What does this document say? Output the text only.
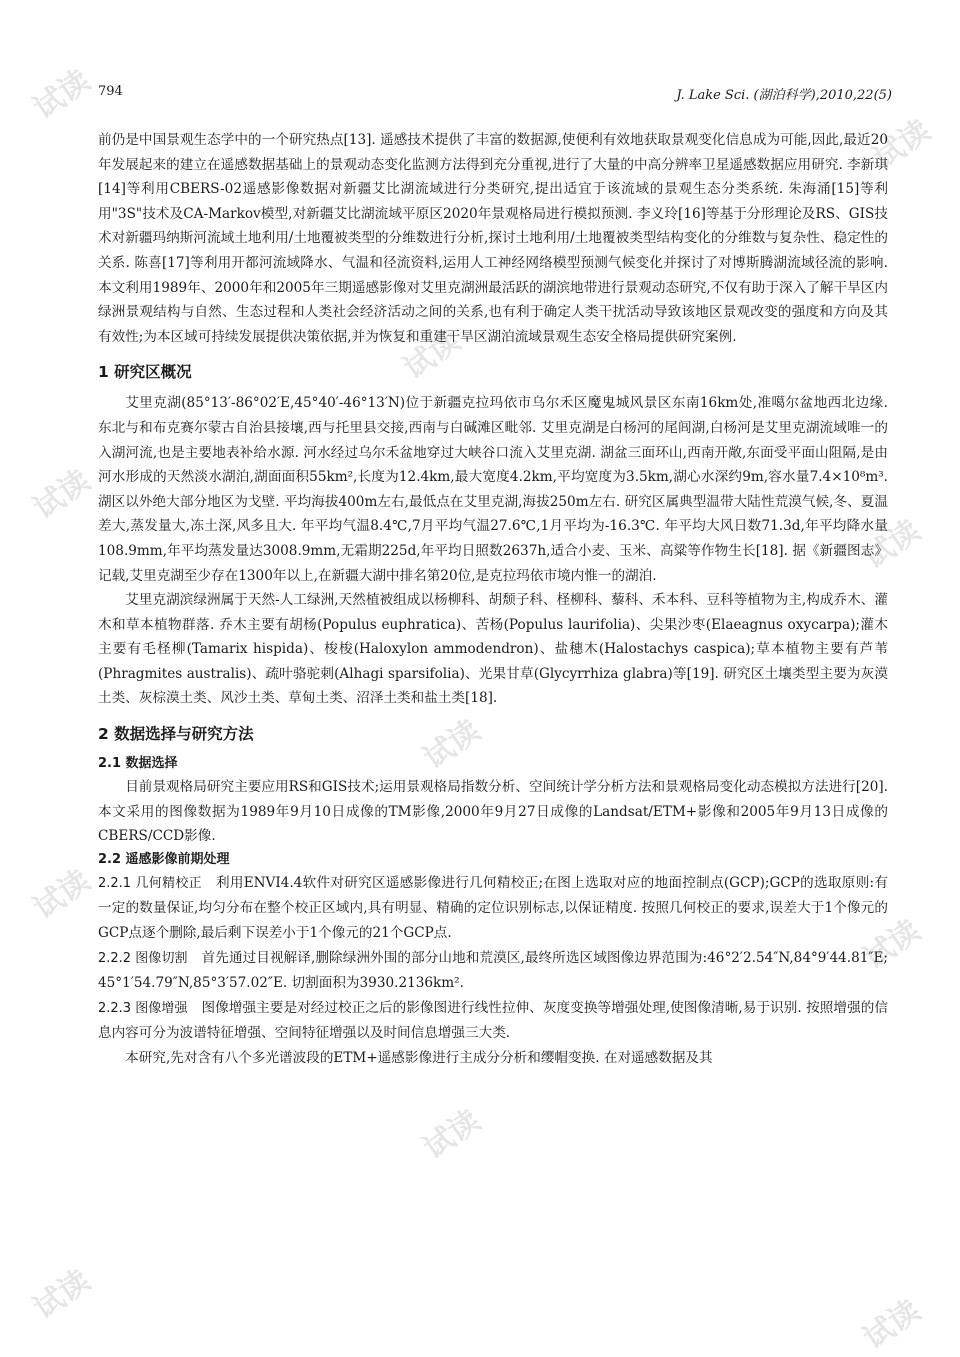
试读
试读
试读
试读
试读
试读
试读
试读
试读
试读	试读
794	J. Lake Sci. (湖泊科学),2010,22(5)

前仍是中国景观生态学中的一个研究热点[13]. 遥感技术提供了丰富的数据源,使便利有效地获取景观变化信息成为可能,因此,最近20年发展起来的建立在遥感数据基础上的景观动态变化监测方法得到充分重视,进行了大量的中高分辨率卫星遥感数据应用研究. 李新琪[14]等利用CBERS-02遥感影像数据对新疆艾比湖流域进行分类研究,提出适宜于该流域的景观生态分类系统. 朱海涌[15]等利用"3S"技术及CA-Markov模型,对新疆艾比湖流域平原区2020年景观格局进行模拟预测. 李义玲[16]等基于分形理论及RS、GIS技术对新疆玛纳斯河流域土地利用/土地覆被类型的分维数进行分析,探讨土地利用/土地覆被类型结构变化的分维数与复杂性、稳定性的关系. 陈喜[17]等利用开都河流域降水、气温和径流资料,运用人工神经网络模型预测气候变化并探讨了对博斯腾湖流域径流的影响. 本文利用1989年、2000年和2005年三期遥感影像对艾里克湖洲最活跃的湖滨地带进行景观动态研究,不仅有助于深入了解干旱区内绿洲景观结构与自然、生态过程和人类社会经济活动之间的关系,也有利于确定人类干扰活动导致该地区景观改变的强度和方向及其有效性;为本区域可持续发展提供决策依据,并为恢复和重建干旱区湖泊流域景观生态安全格局提供研究案例.

1 研究区概况

艾里克湖(85°13′-86°02′E,45°40′-46°13′N)位于新疆克拉玛依市乌尔禾区魔鬼城风景区东南16km处,准噶尔盆地西北边缘. 东北与和布克赛尔蒙古自治县接壤,西与托里县交接,西南与白碱滩区毗邻. 艾里克湖是白杨河的尾闾湖,白杨河是艾里克湖流域唯一的入湖河流,也是主要地表补给水源. 河水经过乌尔禾盆地穿过大峡谷口流入艾里克湖. 湖盆三面环山,西南开敞,东面受平面山阻隔,是由河水形成的天然淡水湖泊,湖面面积55km²,长度为12.4km,最大宽度4.2km,平均宽度为3.5km,湖心水深约9m,容水量7.4×10⁸m³. 湖区以外绝大部分地区为戈壁. 平均海拔400m左右,最低点在艾里克湖,海拔250m左右. 研究区属典型温带大陆性荒漠气候,冬、夏温差大,蒸发量大,冻土深,风多且大. 年平均气温8.4℃,7月平均气温27.6℃,1月平均为-16.3℃. 年平均大风日数71.3d,年平均降水量108.9mm,年平均蒸发量达3008.9mm,无霜期225d,年平均日照数2637h,适合小麦、玉米、高粱等作物生长[18]. 据《新疆图志》记载,艾里克湖至少存在1300年以上,在新疆大湖中排名第20位,是克拉玛依市境内惟一的湖泊.

艾里克湖滨绿洲属于天然-人工绿洲,天然植被组成以杨柳科、胡颓子科、柽柳科、藜科、禾本科、豆科等植物为主,构成乔木、灌木和草本植物群落. 乔木主要有胡杨(Populus euphratica)、苦杨(Populus laurifolia)、尖果沙枣(Elaeagnus oxycarpa);灌木主要有毛柽柳(Tamarix hispida)、梭梭(Haloxylon ammodendron)、盐穗木(Halostachys caspica);草本植物主要有芦苇(Phragmites australis)、疏叶骆驼刺(Alhagi sparsifolia)、光果甘草(Glycyrrhiza glabra)等[19]. 研究区土壤类型主要为灰漠土类、灰棕漠土类、风沙土类、草甸土类、沼泽土类和盐土类[18].

2 数据选择与研究方法
2.1 数据选择

目前景观格局研究主要应用RS和GIS技术;运用景观格局指数分析、空间统计学分析方法和景观格局变化动态模拟方法进行[20]. 本文采用的图像数据为1989年9月10日成像的TM影像,2000年9月27日成像的Landsat/ETM+影像和2005年9月13日成像的CBERS/CCD影像.

2.2 遥感影像前期处理

2.2.1 几何精校正 利用ENVI4.4软件对研究区遥感影像进行几何精校正;在图上选取对应的地面控制点(GCP);GCP的选取原则:有一定的数量保证,均匀分布在整个校正区域内,具有明显、精确的定位识别标志,以保证精度. 按照几何校正的要求,误差大于1个像元的GCP点逐个删除,最后剩下误差小于1个像元的21个GCP点.

2.2.2 图像切割 首先通过目视解译,删除绿洲外围的部分山地和荒漠区,最终所选区域图像边界范围为:46°2′2.54″N,84°9′44.81″E; 45°1′54.79″N,85°3′57.02″E. 切割面积为3930.2136km².

2.2.3 图像增强 图像增强主要是对经过校正之后的影像图进行线性拉伸、灰度变换等增强处理,使图像清晰,易于识别. 按照增强的信息内容可分为波谱特征增强、空间特征增强以及时间信息增强三大类.

本研究,先对含有八个多光谱波段的ETM+遥感影像进行主成分分析和缨帽变换. 在对遥感数据及其
